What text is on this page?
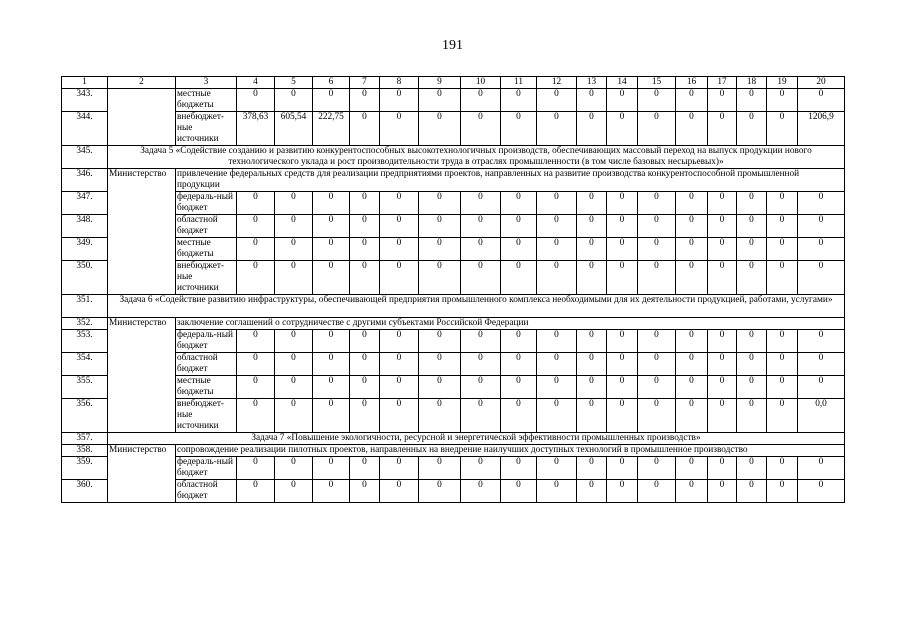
191
1	2	3	4	5	6	7	8	9	10	11	12	13	14	15	16	17	18	19	20
343.		местные бюджеты	0	0	0	0	0	0	0	0	0	0	0	0	0	0	0	0	0
344.		внебюджет-ные источники	378,63	605,54	222,75	0	0	0	0	0	0	0	0	0	0	0	0	0	1206,9
345.	Задача 5 «Содействие созданию и развитию конкурентоспособных высокотехнологичных производств, обеспечивающих массовый переход на выпуск продукции нового технологического уклада и рост производительности труда в отраслях промышленности (в том числе базовых несырьевых)»																		
346.	Министерство	привлечение федеральных средств для реализации предприятиями проектов, направленных на развитие производства конкурентоспособной промышленной продукции																	
347.		федераль-ный бюджет	0	0	0	0	0	0	0	0	0	0	0	0	0	0	0	0	0
348.		областной бюджет	0	0	0	0	0	0	0	0	0	0	0	0	0	0	0	0	0
349.		местные бюджеты	0	0	0	0	0	0	0	0	0	0	0	0	0	0	0	0	0
350.		внебюджет-ные источники	0	0	0	0	0	0	0	0	0	0	0	0	0	0	0	0	0
351.	Задача 6 «Содействие развитию инфраструктуры, обеспечивающей предприятия промышленного комплекса необходимыми для их деятельности продукцией, работами, услугами»																		
352.	Министерство	заключение соглашений о сотрудничестве с другими субъектами Российской Федерации																	
353.		федераль-ный бюджет	0	0	0	0	0	0	0	0	0	0	0	0	0	0	0	0	0
354.		областной бюджет	0	0	0	0	0	0	0	0	0	0	0	0	0	0	0	0	0
355.		местные бюджеты	0	0	0	0	0	0	0	0	0	0	0	0	0	0	0	0	0
356.		внебюджет-ные источники	0	0	0	0	0	0	0	0	0	0	0	0	0	0	0	0	0,0
357.	Задача 7 «Повышение экологичности, ресурсной и энергетической эффективности промышленных производств»																		
358.	Министерство	сопровождение реализации пилотных проектов, направленных на внедрение наилучших доступных технологий в промышленное производство																	
359.		федераль-ный бюджет	0	0	0	0	0	0	0	0	0	0	0	0	0	0	0	0	0
360.		областной бюджет	0	0	0	0	0	0	0	0	0	0	0	0	0	0	0	0	0
